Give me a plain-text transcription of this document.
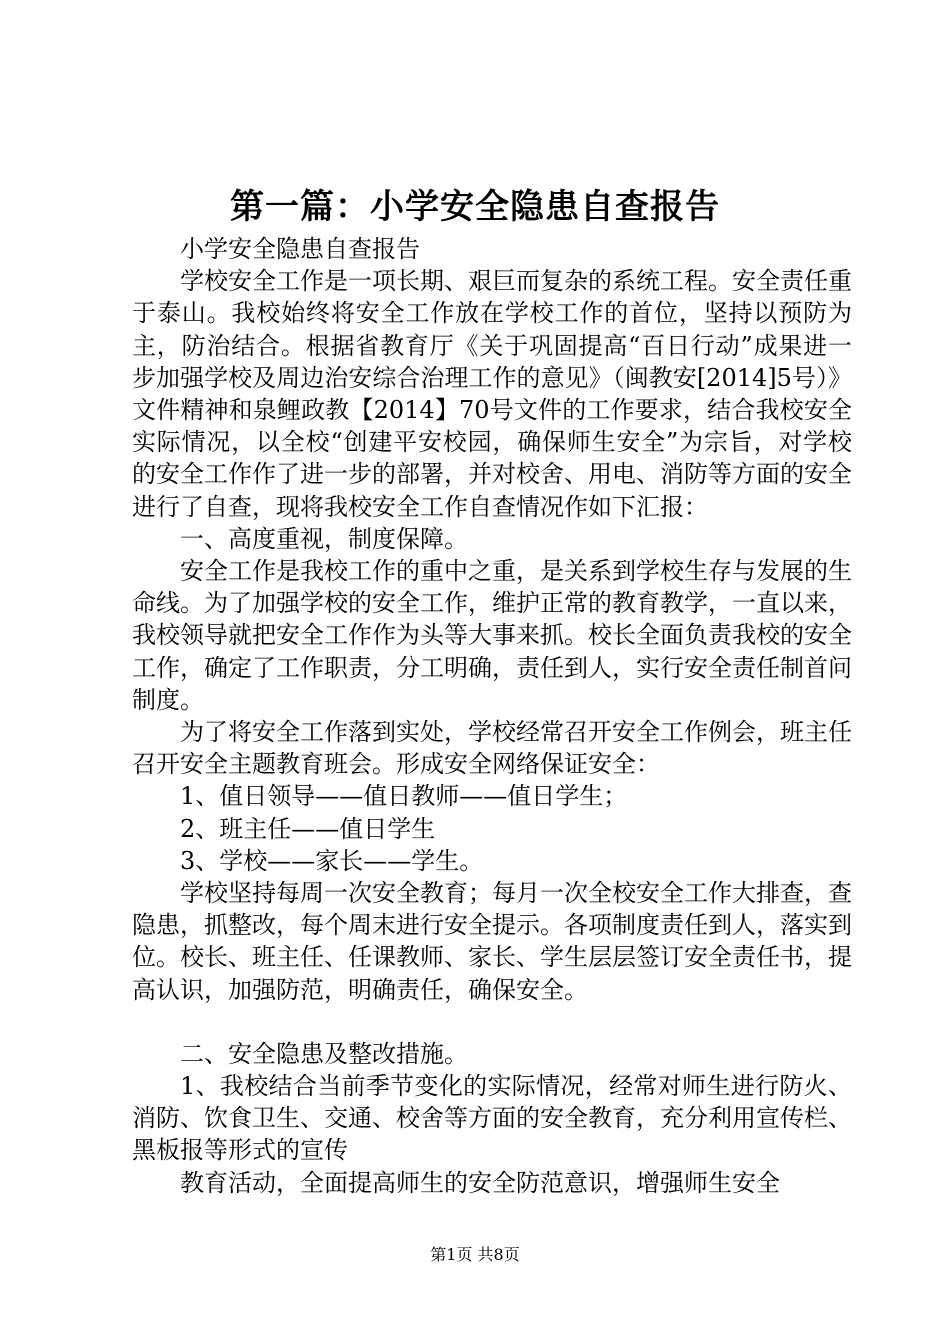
第一篇：小学安全隐患自查报告

小学安全隐患自查报告

学校安全工作是一项长期、艰巨而复杂的系统工程。安全责任重于泰山。我校始终将安全工作放在学校工作的首位，坚持以预防为主，防治结合。根据省教育厅《关于巩固提高“百日行动”成果进一步加强学校及周边治安综合治理工作的意见》（闽教安[2014]5号）》文件精神和泉鲤政教【2014】70号文件的工作要求，结合我校安全实际情况，以全校“创建平安校园，确保师生安全”为宗旨，对学校的安全工作作了进一步的部署，并对校舍、用电、消防等方面的安全进行了自查，现将我校安全工作自查情况作如下汇报：

一、高度重视，制度保障。

安全工作是我校工作的重中之重，是关系到学校生存与发展的生命线。为了加强学校的安全工作，维护正常的教育教学，一直以来，我校领导就把安全工作作为头等大事来抓。校长全面负责我校的安全工作，确定了工作职责，分工明确，责任到人，实行安全责任制首问制度。

为了将安全工作落到实处，学校经常召开安全工作例会，班主任召开安全主题教育班会。形成安全网络保证安全：

1、值日领导——值日教师——值日学生；

2、班主任——值日学生

3、学校——家长——学生。

学校坚持每周一次安全教育；每月一次全校安全工作大排查，查隐患，抓整改，每个周末进行安全提示。各项制度责任到人，落实到位。校长、班主任、任课教师、家长、学生层层签订安全责任书，提高认识，加强防范，明确责任，确保安全。

二、安全隐患及整改措施。

1、我校结合当前季节变化的实际情况，经常对师生进行防火、消防、饮食卫生、交通、校舍等方面的安全教育，充分利用宣传栏、黑板报等形式的宣传

教育活动，全面提高师生的安全防范意识，增强师生安全

第1页 共8页
